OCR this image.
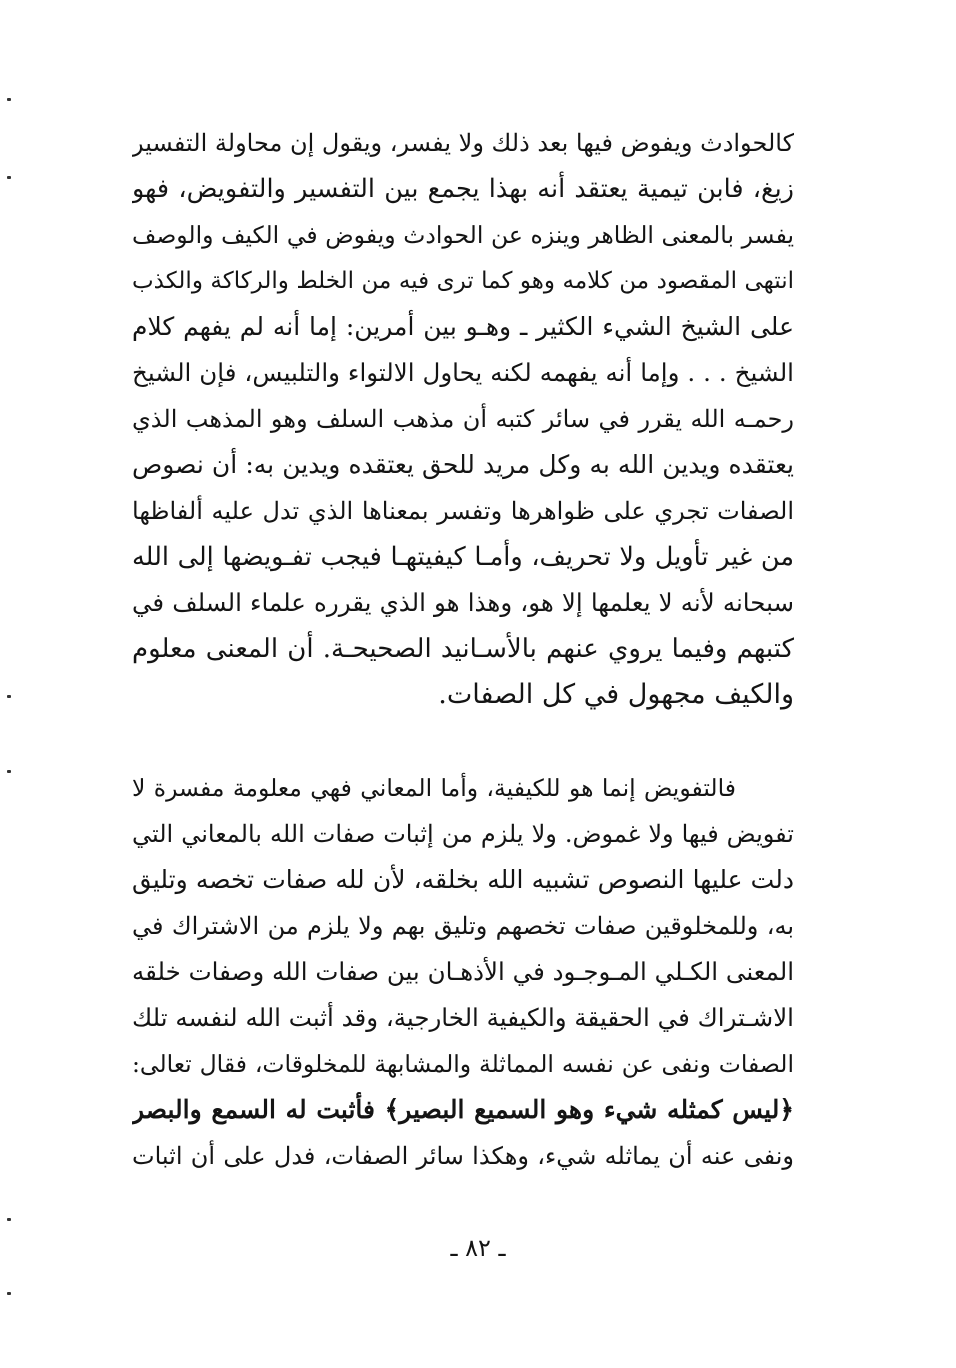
كالحوادث ويفوض فيها بعد ذلك ولا يفسر، ويقول إن محاولة التفسير
زيغ، فابن تيمية يعتقد أنه بهذا يجمع بين التفسير والتفويض، فهو
يفسر بالمعنى الظاهر وينزه عن الحوادث ويفوض في الكيف والوصف
انتهى المقصود من كلامه وهو كما ترى فيه من الخلط والركاكة والكذب
على الشيخ الشيء الكثير ـ وهـو بين أمرين: إما أنه لم يفهم كلام
الشيخ . . . وإما أنه يفهمه لكنه يحاول الالتواء والتلبيس، فإن الشيخ
رحمـه الله يقرر في سائر كتبه أن مذهب السلف وهو المذهب الذي
يعتقده ويدين الله به وكل مريد للحق يعتقده ويدين به: أن نصوص
الصفات تجري على ظواهرها وتفسر بمعناها الذي تدل عليه ألفاظها
من غير تأويل ولا تحريف، وأمـا كيفيتهـا فيجب تفـويضها إلى الله
سبحانه لأنه لا يعلمها إلا هو، وهذا هو الذي يقرره علماء السلف في
كتبهم وفيما يروي عنهم بالأسـانيد الصحيحـة. أن المعنى معلوم
والكيف مجهول في كل الصفات.
فالتفويض إنما هو للكيفية، وأما المعاني فهي معلومة مفسرة لا
تفويض فيها ولا غموض. ولا يلزم من إثبات صفات الله بالمعاني التي
دلت عليها النصوص تشبيه الله بخلقه، لأن لله صفات تخصه وتليق
به، وللمخلوقين صفات تخصهم وتليق بهم ولا يلزم من الاشتراك في
المعنى الكـلي المـوجـود في الأذهـان بين صفات الله وصفات خلقه
الاشـتراك في الحقيقة والكيفية الخارجية، وقد أثبت الله لنفسه تلك
الصفات ونفى عن نفسه المماثلة والمشابهة للمخلوقات، فقال تعالى:
﴿ليس كمثله شيء وهو السميع البصير﴾ فأثبت له السمع والبصر
ونفى عنه أن يماثله شيء، وهكذا سائر الصفات، فدل على أن اثبات
ـ ٨٢ ـ
